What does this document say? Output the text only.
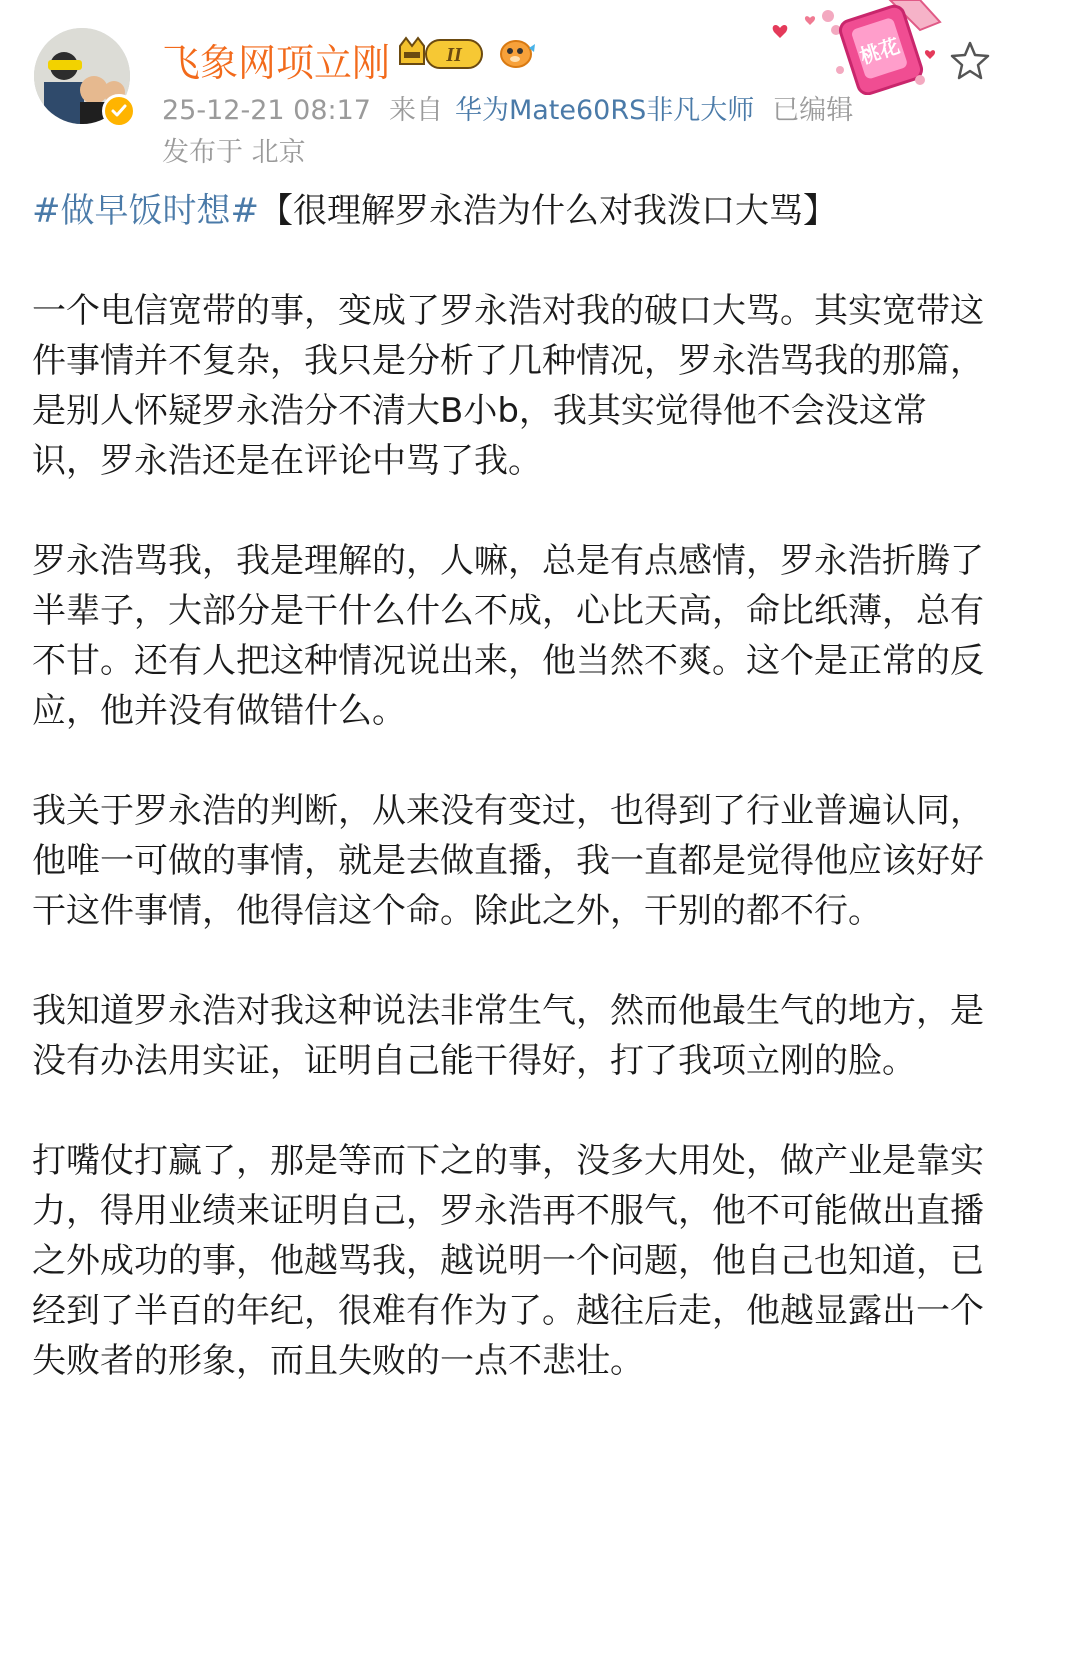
飞象网项立刚	II
25-12-21 08:17 来自 华为Mate60RS非凡大师 已编辑
发布于 北京
桃花

#做早饭时想#【很理解罗永浩为什么对我泼口大骂】

一个电信宽带的事，变成了罗永浩对我的破口大骂。其实宽带这件事情并不复杂，我只是分析了几种情况，罗永浩骂我的那篇，是别人怀疑罗永浩分不清大B小b，我其实觉得他不会没这常识，罗永浩还是在评论中骂了我。

罗永浩骂我，我是理解的，人嘛，总是有点感情，罗永浩折腾了半辈子，大部分是干什么什么不成，心比天高，命比纸薄，总有不甘。还有人把这种情况说出来，他当然不爽。这个是正常的反应，他并没有做错什么。

我关于罗永浩的判断，从来没有变过，也得到了行业普遍认同，他唯一可做的事情，就是去做直播，我一直都是觉得他应该好好干这件事情，他得信这个命。除此之外，干别的都不行。

我知道罗永浩对我这种说法非常生气，然而他最生气的地方，是没有办法用实证，证明自己能干得好，打了我项立刚的脸。

打嘴仗打赢了，那是等而下之的事，没多大用处，做产业是靠实力，得用业绩来证明自己，罗永浩再不服气，他不可能做出直播之外成功的事，他越骂我，越说明一个问题，他自己也知道，已经到了半百的年纪，很难有作为了。越往后走，他越显露出一个失败者的形象，而且失败的一点不悲壮。
